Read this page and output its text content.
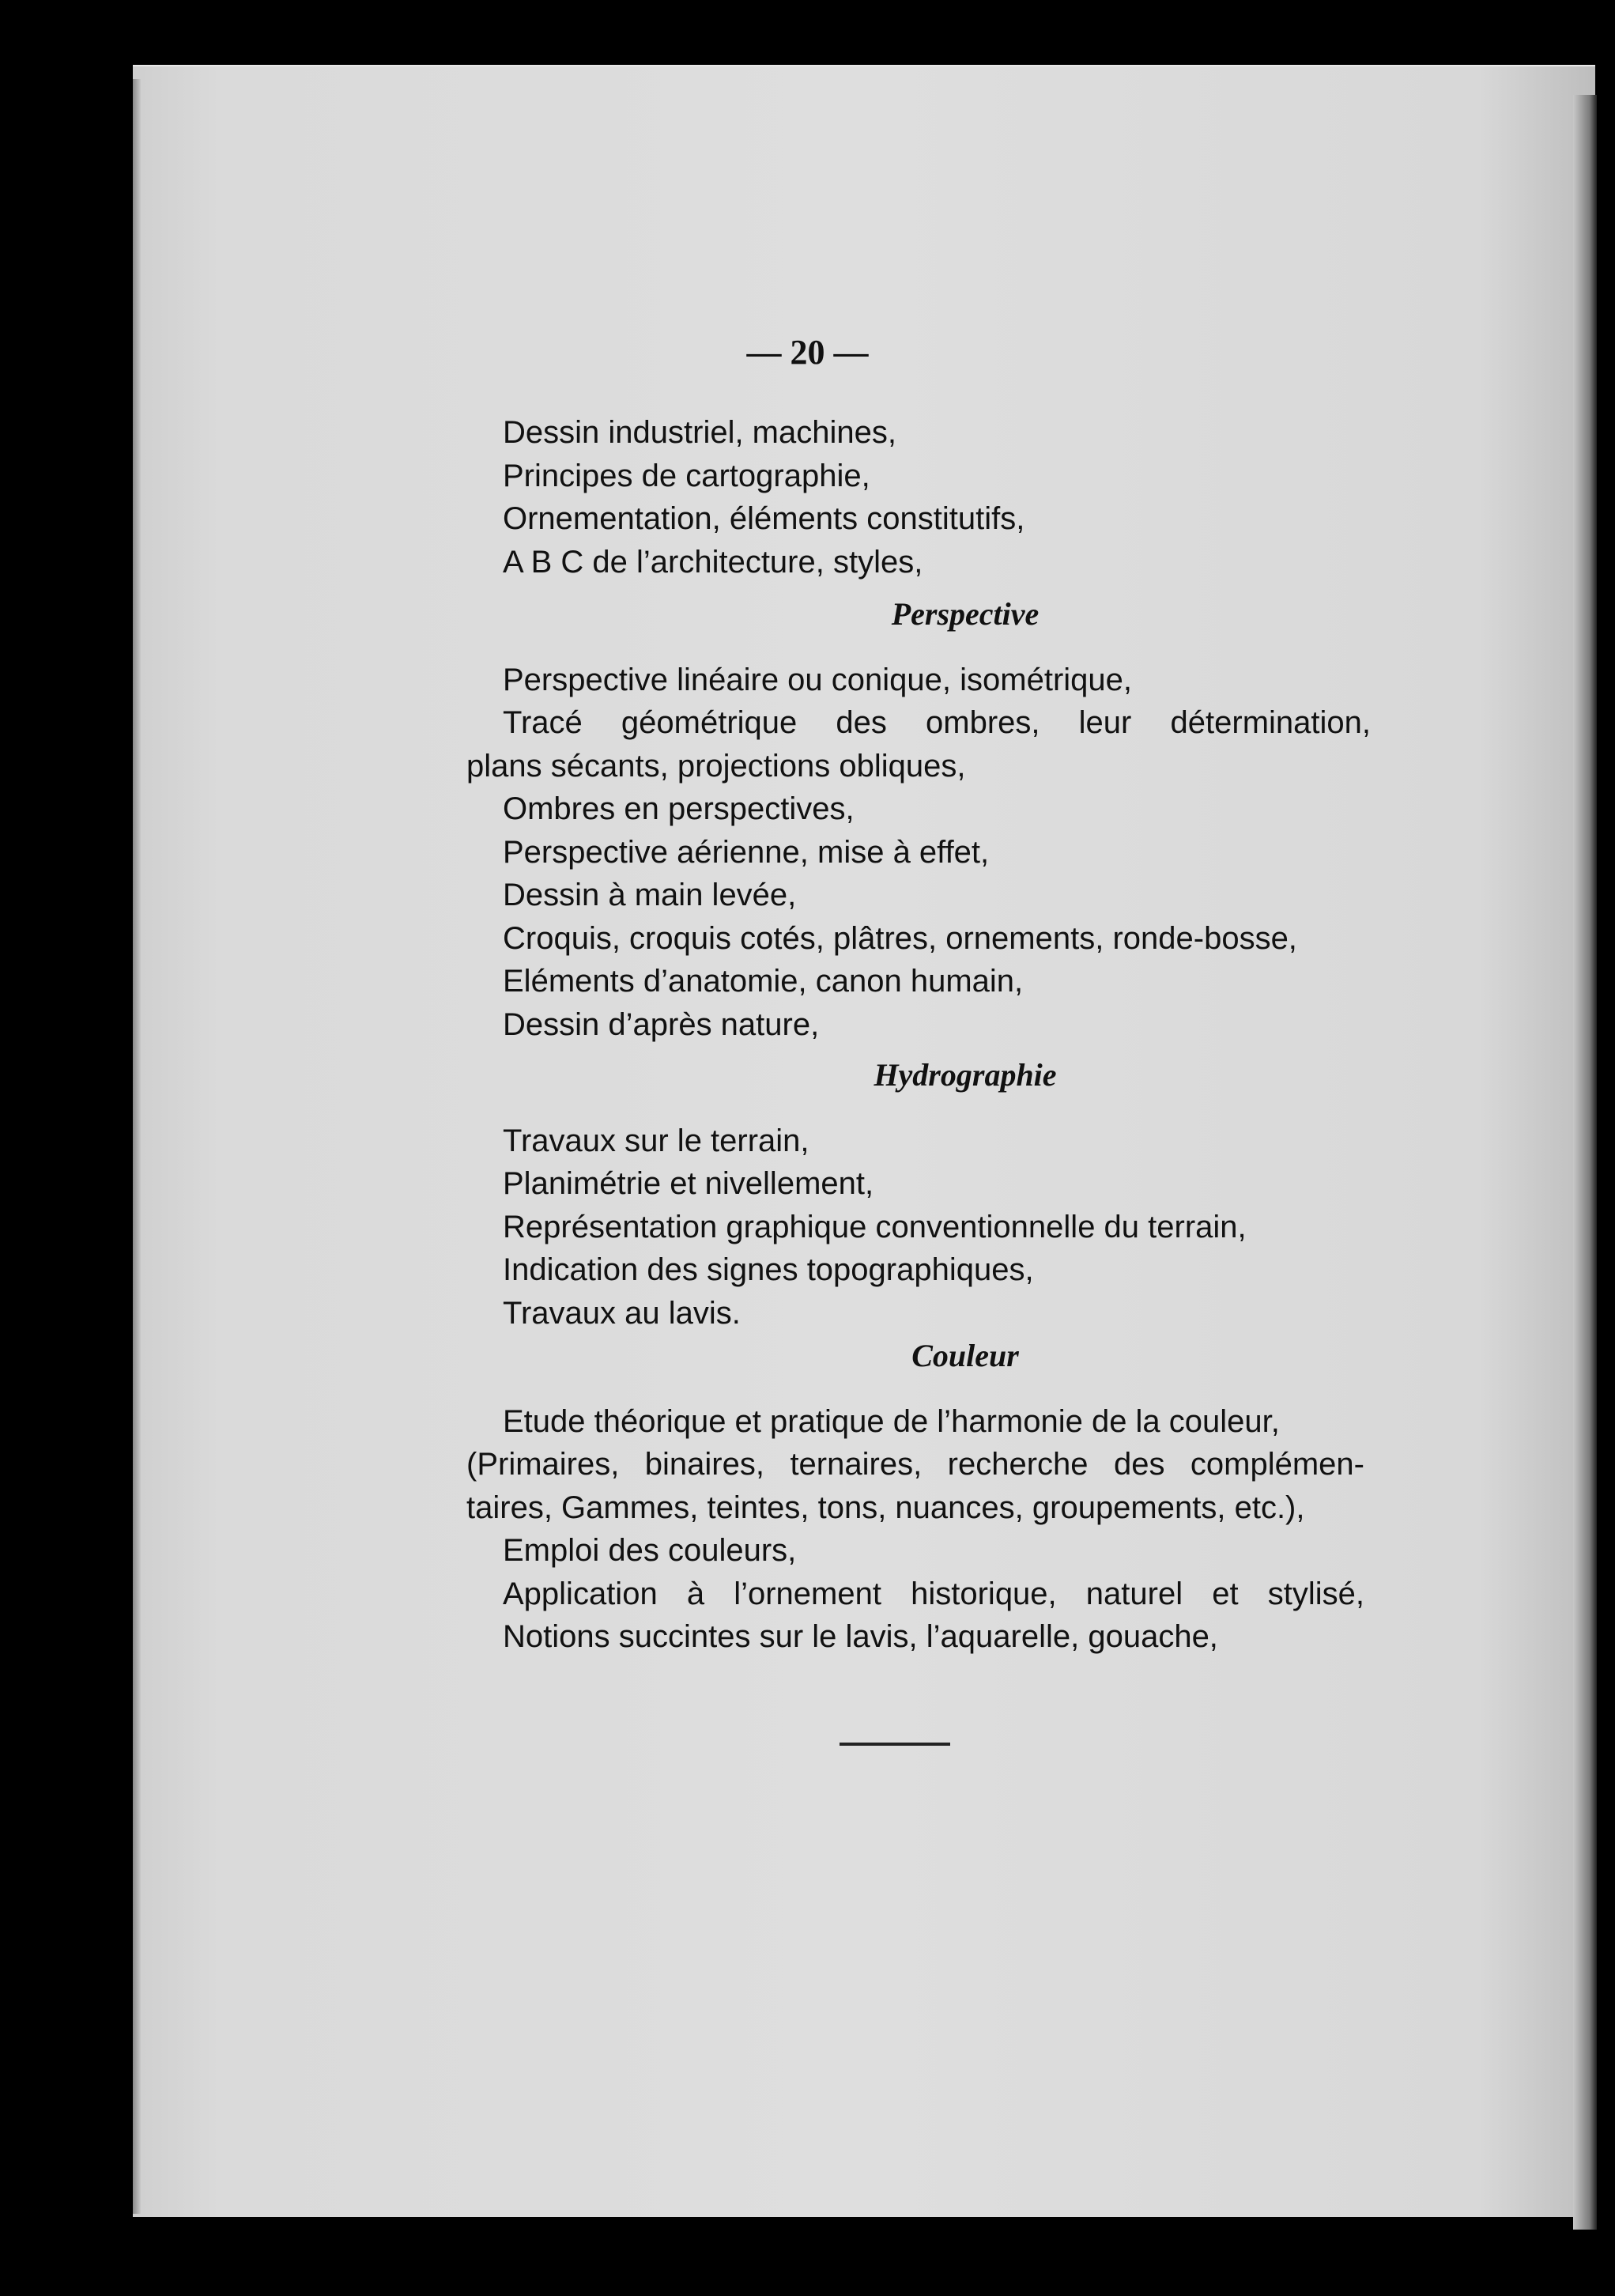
— 20 —
Dessin industriel, machines,
Principes de cartographie,
Ornementation, éléments constitutifs,
A B C de l’architecture, styles,
Perspective
Perspective linéaire ou conique, isométrique,
Tracé géométrique des ombres, leur détermination,
plans sécants, projections obliques,
Ombres en perspectives,
Perspective aérienne, mise à effet,
Dessin à main levée,
Croquis, croquis cotés, plâtres, ornements, ronde-bosse,
Eléments d’anatomie, canon humain,
Dessin d’après nature,
Hydrographie
Travaux sur le terrain,
Planimétrie et nivellement,
Représentation graphique conventionnelle du terrain,
Indication des signes topographiques,
Travaux au lavis.
Couleur
Etude théorique et pratique de l’harmonie de la couleur,
(Primaires, binaires, ternaires, recherche des complémen-
taires, Gammes, teintes, tons, nuances, groupements, etc.),
Emploi des couleurs,
Application à l’ornement historique, naturel et stylisé,
Notions succintes sur le lavis, l’aquarelle, gouache,
